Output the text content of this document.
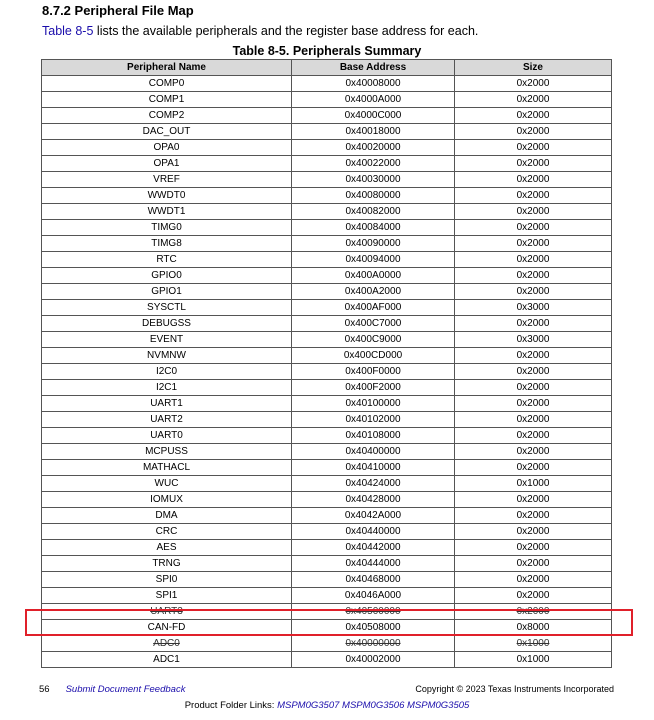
8.7.2 Peripheral File Map
Table 8-5 lists the available peripherals and the register base address for each.
Table 8-5. Peripherals Summary
Peripheral Name	Base Address	Size
COMP0	0x40008000	0x2000
COMP1	0x4000A000	0x2000
COMP2	0x4000C000	0x2000
DAC_OUT	0x40018000	0x2000
OPA0	0x40020000	0x2000
OPA1	0x40022000	0x2000
VREF	0x40030000	0x2000
WWDT0	0x40080000	0x2000
WWDT1	0x40082000	0x2000
TIMG0	0x40084000	0x2000
TIMG8	0x40090000	0x2000
RTC	0x40094000	0x2000
GPIO0	0x400A0000	0x2000
GPIO1	0x400A2000	0x2000
SYSCTL	0x400AF000	0x3000
DEBUGSS	0x400C7000	0x2000
EVENT	0x400C9000	0x3000
NVMNW	0x400CD000	0x2000
I2C0	0x400F0000	0x2000
I2C1	0x400F2000	0x2000
UART1	0x40100000	0x2000
UART2	0x40102000	0x2000
UART0	0x40108000	0x2000
MCPUSS	0x40400000	0x2000
MATHACL	0x40410000	0x2000
WUC	0x40424000	0x1000
IOMUX	0x40428000	0x2000
DMA	0x4042A000	0x2000
CRC	0x40440000	0x2000
AES	0x40442000	0x2000
TRNG	0x40444000	0x2000
SPI0	0x40468000	0x2000
SPI1	0x4046A000	0x2000
UART3	0x40500000	0x2000
CAN-FD	0x40508000	0x8000
ADC0	0x40000000	0x1000
ADC1	0x40002000	0x1000
56 Submit Document Feedback	Copyright © 2023 Texas Instruments Incorporated
Product Folder Links: MSPM0G3507 MSPM0G3506 MSPM0G3505
